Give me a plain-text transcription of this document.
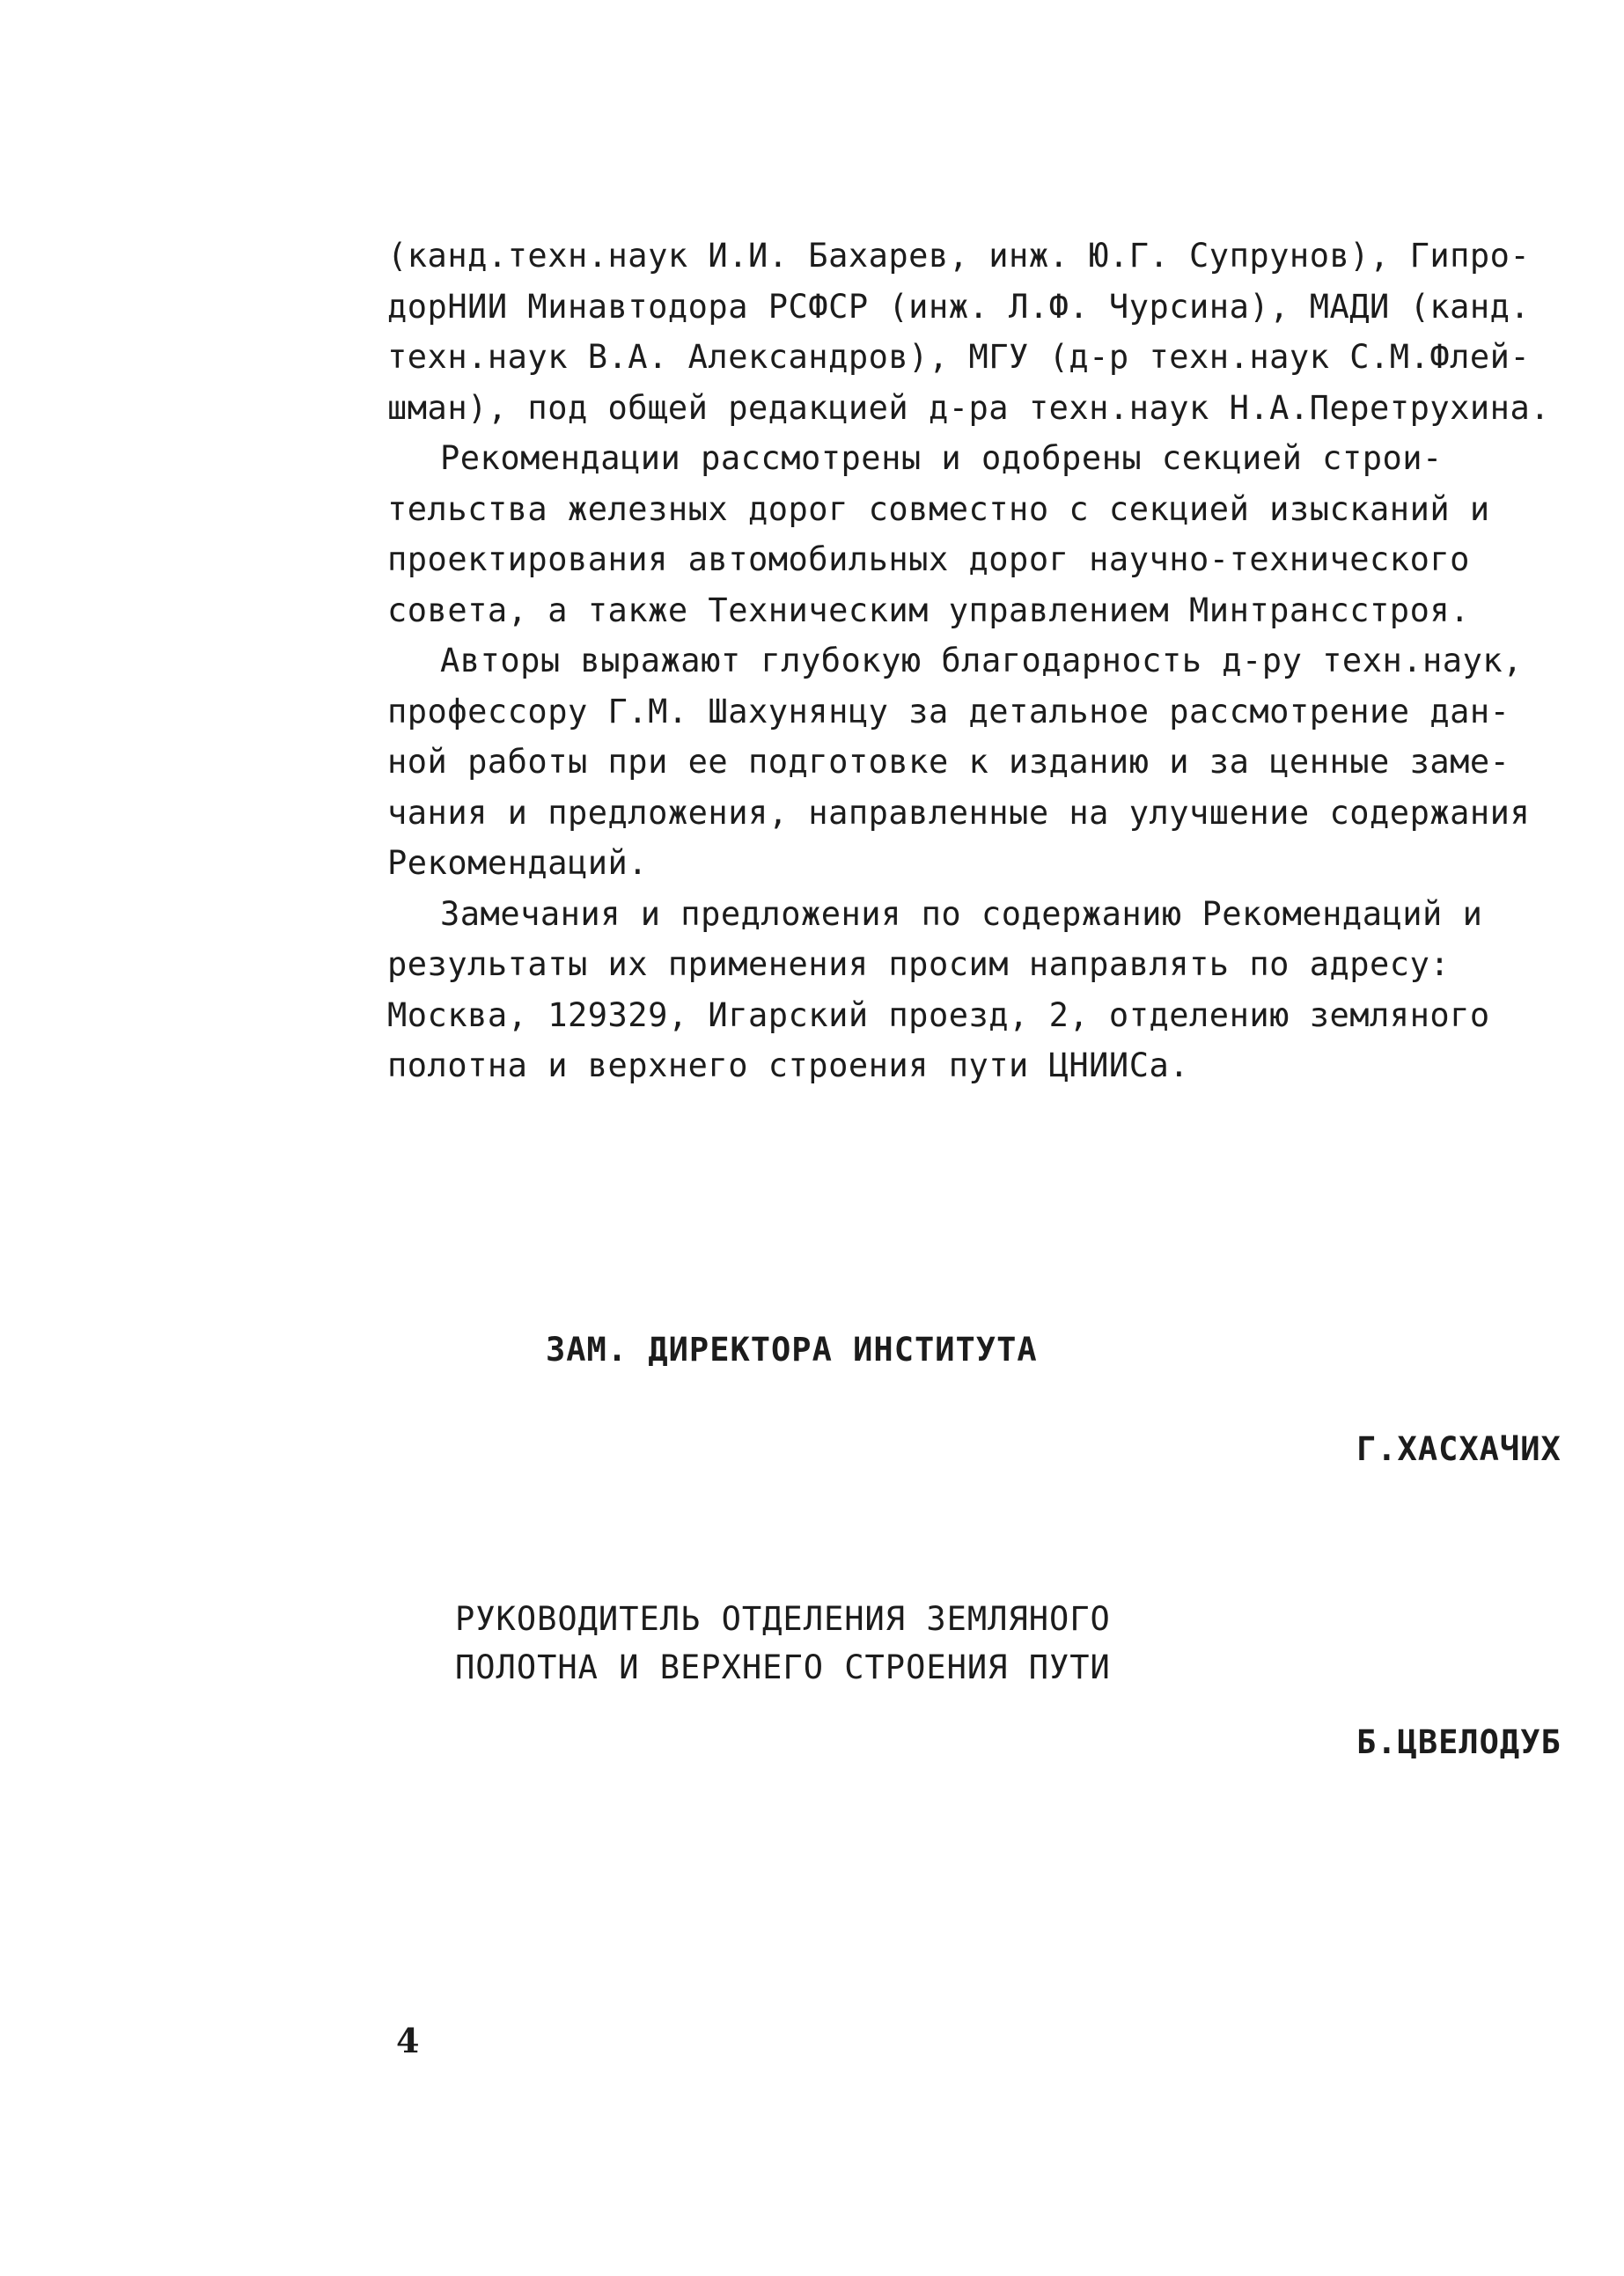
(канд.техн.наук И.И. Бахарев, инж. Ю.Г. Супрунов), Гипро-
дорНИИ Минавтодора РСФСР (инж. Л.Ф. Чурсина), МАДИ (канд.
техн.наук В.А. Александров), МГУ (д-р техн.наук С.М.Флей-
шман), под общей редакцией д-ра техн.наук Н.А.Перетрухина.
Рекомендации рассмотрены и одобрены секцией строи-
тельства железных дорог совместно с секцией изысканий и
проектирования автомобильных дорог научно-технического
совета, а также Техническим управлением Минтрансстроя.
Авторы выражают глубокую благодарность д-ру техн.наук,
профессору Г.М. Шахунянцу за детальное рассмотрение дан-
ной работы при ее подготовке к изданию и за ценные заме-
чания и предложения, направленные на улучшение содержания
Рекомендаций.
Замечания и предложения по содержанию Рекомендаций и
результаты их применения просим направлять по адресу:
Москва, 129329, Игарский проезд, 2, отделению земляного
полотна и верхнего строения пути ЦНИИСа.
ЗАМ. ДИРЕКТОРА ИНСТИТУТА
Г.ХАСХАЧИХ
РУКОВОДИТЕЛЬ ОТДЕЛЕНИЯ ЗЕМЛЯНОГО
ПОЛОТНА И ВЕРХНЕГО СТРОЕНИЯ ПУТИ
Б.ЦВЕЛОДУБ
4
